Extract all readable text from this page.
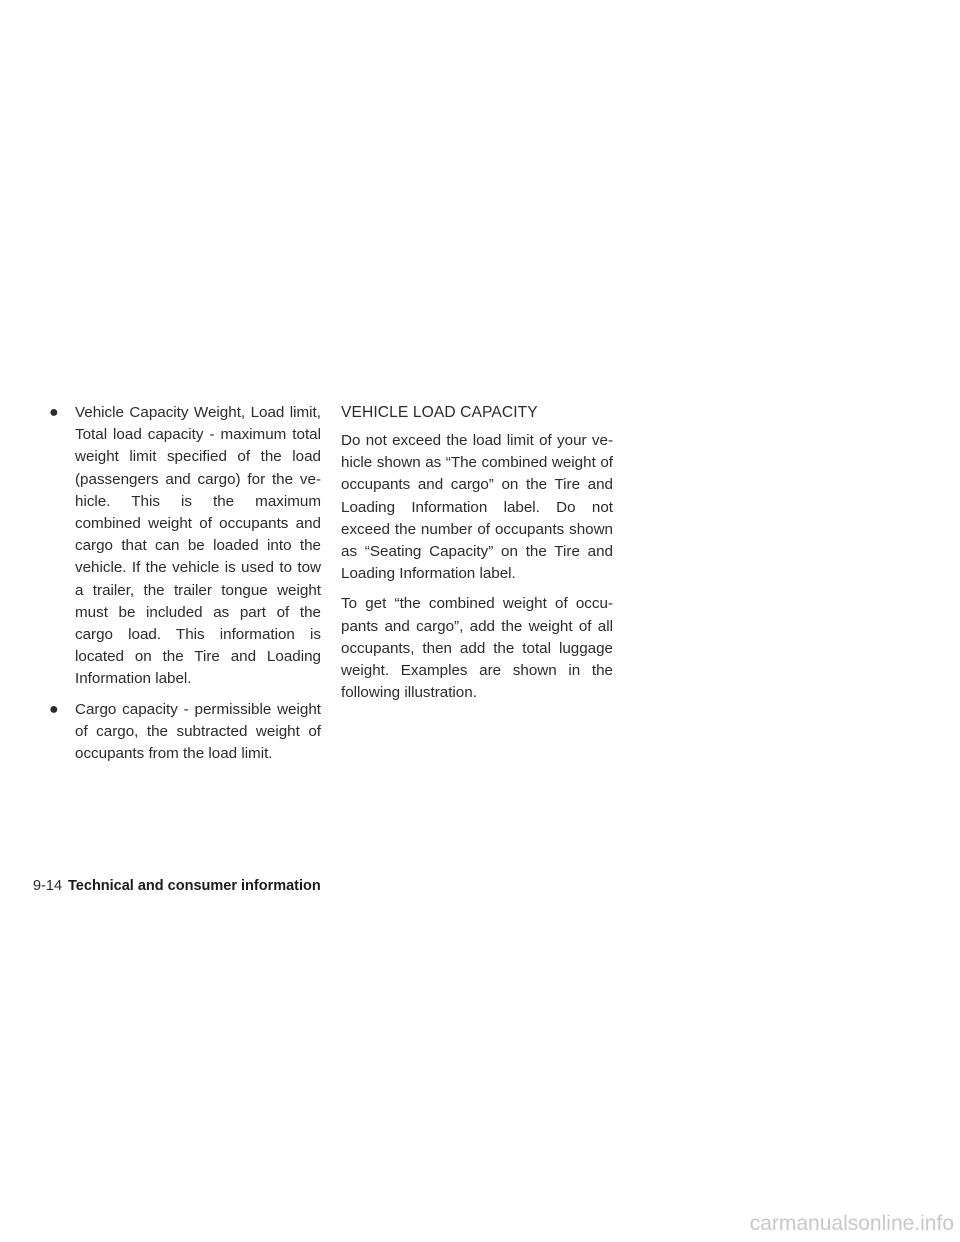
●	Vehicle Capacity Weight, Load limit, Total load capacity - maximum total weight limit specified of the load (passengers and cargo) for the vehicle. This is the maximum combined weight of occupants and cargo that can be loaded into the vehicle. If the vehicle is used to tow a trailer, the trailer tongue weight must be included as part of the cargo load. This information is located on the Tire and Loading Information label.
●	Cargo capacity - permissible weight of cargo, the subtracted weight of occupants from the load limit.
VEHICLE LOAD CAPACITY

Do not exceed the load limit of your vehicle shown as “The combined weight of occupants and cargo” on the Tire and Loading Information label. Do not exceed the number of occupants shown as “Seating Capacity” on the Tire and Loading Information label.

To get “the combined weight of occupants and cargo”, add the weight of all occupants, then add the total luggage weight. Examples are shown in the following illustration.

9-14 Technical and consumer information
carmanualsonline.info
